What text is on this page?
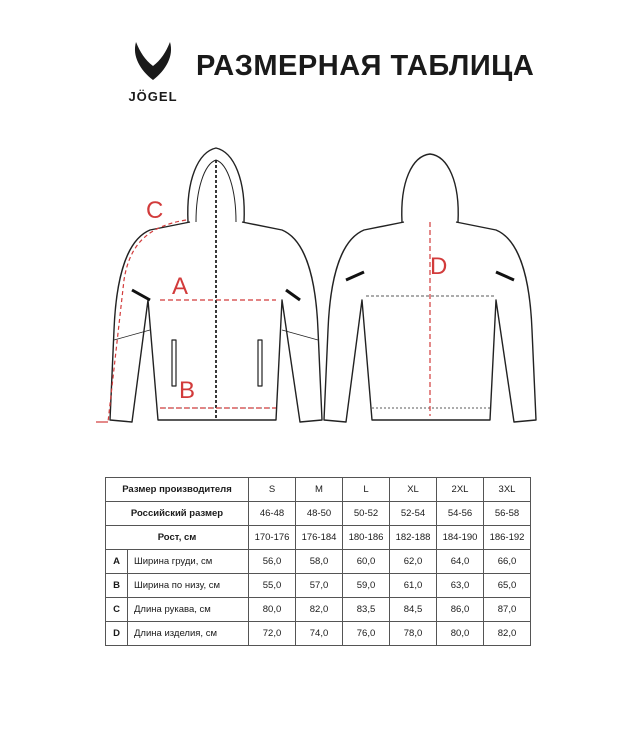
JÖGEL
РАЗМЕРНАЯ ТАБЛИЦА
A
B
C
D
Размер производителя		S	M	L	XL	2XL	3XL
Российский размер		46-48	48-50	50-52	52-54	54-56	56-58
Рост, см		170-176	176-184	180-186	182-188	184-190	186-192
A	Ширина груди, см	56,0	58,0	60,0	62,0	64,0	66,0
B	Ширина по низу, см	55,0	57,0	59,0	61,0	63,0	65,0
C	Длина рукава, см	80,0	82,0	83,5	84,5	86,0	87,0
D	Длина изделия, см	72,0	74,0	76,0	78,0	80,0	82,0
